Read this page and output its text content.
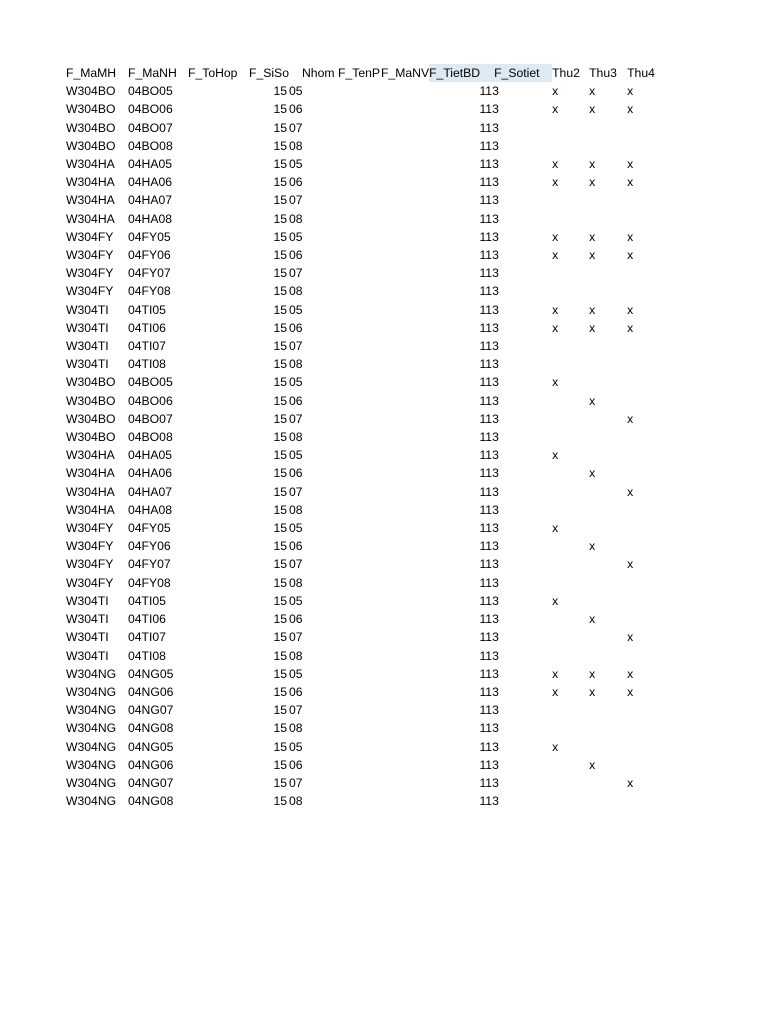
F_MaMH	F_MaNH	F_ToHop	F_SiSo	Nhom	F_TenP	F_MaNV	F_TietBD	F_Sotiet	Thu2	Thu3	Thu4
W304BO	04BO05		15	05			11	3	x	x	x
W304BO	04BO06		15	06			11	3	x	x	x
W304BO	04BO07		15	07			11	3			
W304BO	04BO08		15	08			11	3			
W304HA	04HA05		15	05			11	3	x	x	x
W304HA	04HA06		15	06			11	3	x	x	x
W304HA	04HA07		15	07			11	3			
W304HA	04HA08		15	08			11	3			
W304FY	04FY05		15	05			11	3	x	x	x
W304FY	04FY06		15	06			11	3	x	x	x
W304FY	04FY07		15	07			11	3			
W304FY	04FY08		15	08			11	3			
W304TI	04TI05		15	05			11	3	x	x	x
W304TI	04TI06		15	06			11	3	x	x	x
W304TI	04TI07		15	07			11	3			
W304TI	04TI08		15	08			11	3			
W304BO	04BO05		15	05			11	3	x		
W304BO	04BO06		15	06			11	3		x	
W304BO	04BO07		15	07			11	3			x
W304BO	04BO08		15	08			11	3			
W304HA	04HA05		15	05			11	3	x		
W304HA	04HA06		15	06			11	3		x	
W304HA	04HA07		15	07			11	3			x
W304HA	04HA08		15	08			11	3			
W304FY	04FY05		15	05			11	3	x		
W304FY	04FY06		15	06			11	3		x	
W304FY	04FY07		15	07			11	3			x
W304FY	04FY08		15	08			11	3			
W304TI	04TI05		15	05			11	3	x		
W304TI	04TI06		15	06			11	3		x	
W304TI	04TI07		15	07			11	3			x
W304TI	04TI08		15	08			11	3			
W304NG	04NG05		15	05			11	3	x	x	x
W304NG	04NG06		15	06			11	3	x	x	x
W304NG	04NG07		15	07			11	3			
W304NG	04NG08		15	08			11	3			
W304NG	04NG05		15	05			11	3	x		
W304NG	04NG06		15	06			11	3		x	
W304NG	04NG07		15	07			11	3			x
W304NG	04NG08		15	08			11	3			
